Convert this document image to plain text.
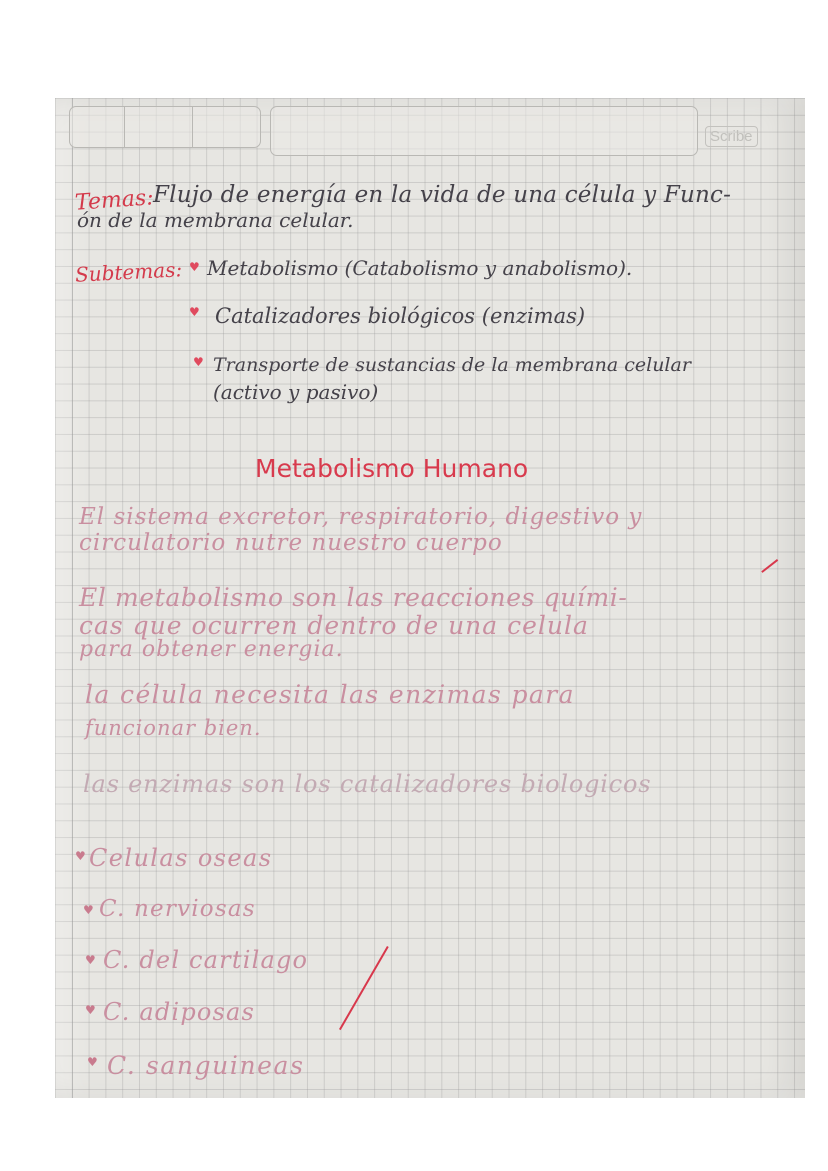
Scribe
Temas:
Flujo de energía en la vida de una célula y Func-
ón de la membrana celular.
Subtemas: ♥ Metabolismo (Catabolismo y anabolismo).
♥ Catalizadores biológicos (enzimas)
♥ Transporte de sustancias de la membrana celular
(activo y pasivo)
Metabolismo Humano
El sistema excretor, respiratorio, digestivo y
circulatorio nutre nuestro cuerpo
El metabolismo son las reacciones quími-
cas que ocurren dentro de una celula
para obtener energia.
la célula necesita las enzimas para
funcionar bien.
las enzimas son los catalizadores biologicos
♥ Celulas oseas
♥ C. nerviosas
♥ C. del cartilago
♥ C. adiposas
♥ C. sanguineas
